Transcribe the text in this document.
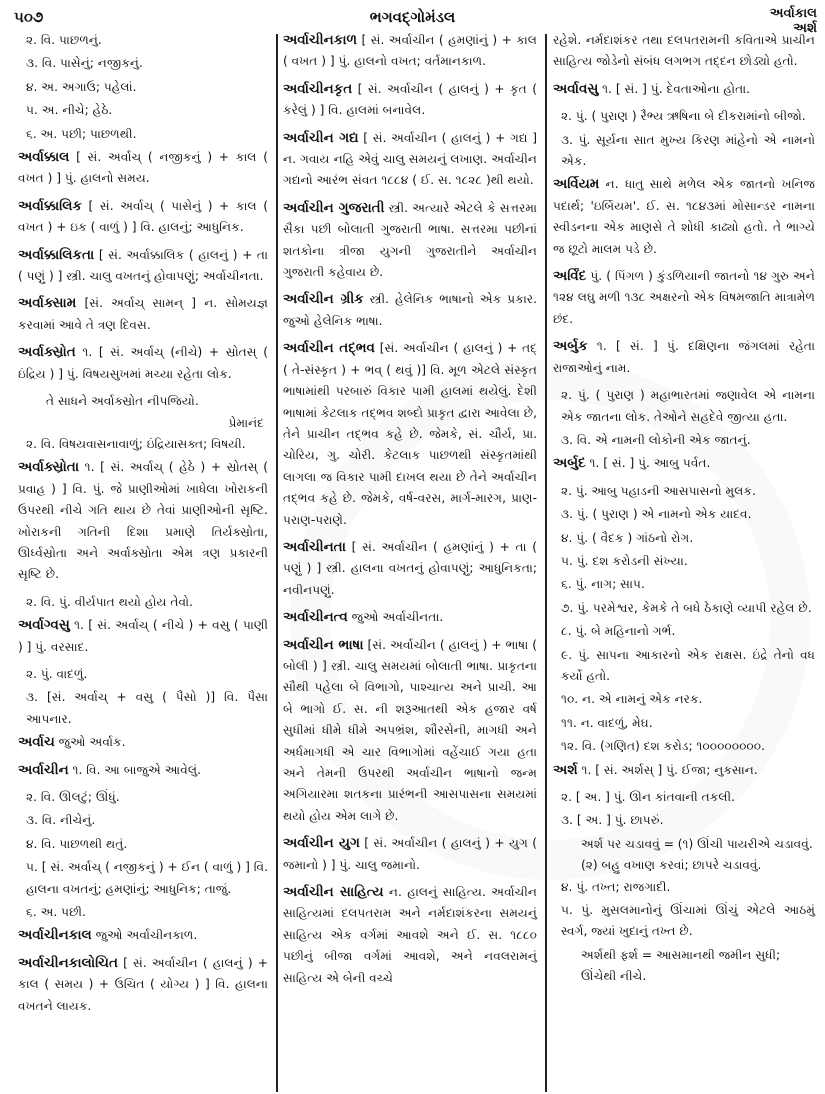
૫૦૭	ભગવદ્ગોમંડલ	અર્વાકાલ
અર્શ
૨. વિ. પાછળનું.
૩. વિ. પાસેનું; નજીકનું.
૪. અ. અગાઉ; પહેલાં.
૫. અ. નીચે; હેઠે.
૬. અ. પછી; પાછળથી.
અર્વાક્કાલ [ સં. અર્વાચ્ ( નજીકનું ) + કાલ ( વખત ) ] પું. હાલનો સમય.
અર્વાક્કાલિક [ સં. અર્વાચ્ ( પાસેનું ) + કાલ ( વખત ) + ઇક ( વાળું ) ] વિ. હાલનું; આધુનિક.
અર્વાક્કાલિકતા [ સં. અર્વાક્કાલિક ( હાલનું ) + તા ( પણું ) ] સ્ત્રી. ચાલુ વખતનું હોવાપણું; અર્વાચીનતા.
અર્વાક્સામ [સં. અર્વાચ્ સામન્ ] ન. સોમયજ્ઞ કરવામાં આવે તે ત્રણ દિવસ.
અર્વાક્સ્રોત ૧. [ સં. અર્વાચ્ (નીચે) + સ્રોતસ્ ( ઇંદ્રિય ) ] પું. વિષયસુખમાં મચ્યા રહેતા લોક.
તે સાધને અર્વાક્સ્રોત નીપજિયો.
પ્રેમાનંદ
૨. વિ. વિષયવાસનાવાળું; ઇંદ્રિયાસક્ત; વિષયી.
અર્વાક્સ્રોતા ૧. [ સં. અર્વાચ્ ( હેઠે ) + સ્રોતસ્ ( પ્રવાહ ) ] વિ. પું. જે પ્રાણીઓમાં ખાધેલા ખોરાકની ઉપરથી નીચે ગતિ થાય છે તેવાં પ્રાણીઓની સૃષ્ટિ. ખોરાકની ગતિની દિશા પ્રમાણે તિર્યક્સ્રોતા, ઊર્ધ્વસ્રોતા અને અર્વાક્સ્રોતા એમ ત્રણ પ્રકારની સૃષ્ટિ છે.
૨. વિ. પું. વીર્યપાત થયો હોય તેવો.
અર્વાગ્વસુ ૧. [ સં. અર્વાચ્ ( નીચે ) + વસુ ( પાણી ) ] પું. વરસાદ.
૨. પું. વાદળું.
૩. [સં. અર્વાચ્ + વસુ ( પૈસો )] વિ. પૈસા આપનાર.
અર્વાચ જુઓ અર્વાક.
અર્વાચીન ૧. વિ. આ બાજુએ આવેલું.
૨. વિ. ઊલટું; ઊંધું.
૩. વિ. નીચેનું.
૪. વિ. પાછળથી થતું.
૫. [ સં. અર્વાચ્ ( નજીકનું ) + ઈન ( વાળું ) ] વિ. હાલના વખતનું; હમણાંનું; આધુનિક; તાજું.
૬. અ. પછી.
અર્વાચીનકાલ જુઓ અર્વાચીનકાળ.
અર્વાચીનકાલોચિત [ સં. અર્વાચીન ( હાલનું ) + કાલ ( સમય ) + ઉચિત ( યોગ્ય ) ] વિ. હાલના વખતને લાયક.
અર્વાચીનકાળ [ સં. અર્વાચીન ( હમણાંનું ) + કાલ ( વખત ) ] પું. હાલનો વખત; વર્તમાનકાળ.
અર્વાચીનકૃત [ સં. અર્વાચીન ( હાલનું ) + કૃત ( કરેલું ) ] વિ. હાલમાં બનાવેલ.
અર્વાચીન ગદ્ય [ સં. અર્વાચીન ( હાલનું ) + ગદ્ય ] ન. ગવાય નહિ એવું ચાલુ સમયનું લખાણ. અર્વાચીન ગદ્યનો આરંભ સંવત ૧૮૮૪ ( ઈ. સ. ૧૮૨૮ )થી થયો.
અર્વાચીન ગુજરાતી સ્ત્રી. અત્યારે એટલે કે સત્તરમા સૈકા પછી બોલાતી ગુજરાતી ભાષા. સત્તરમા પછીનાં શતકોના ત્રીજા યુગની ગુજરાતીને અર્વાચીન ગુજરાતી કહેવાય છે.
અર્વાચીન ગ્રીક સ્ત્રી. હેલેનિક ભાષાનો એક પ્રકાર. જુઓ હેલેનિક ભાષા.
અર્વાચીન તદ્ભવ [સં. અર્વાચીન ( હાલનું ) + તદ્ ( તે-સંસ્કૃત ) + ભવ્ ( થવું )] વિ. મૂળ એટલે સંસ્કૃત ભાષામાંથી પરબારું વિકાર પામી હાલમાં થયેલું. દેશી ભાષામાં કેટલાક તદ્ભવ શબ્દો પ્રાકૃત દ્વારા આવેલા છે, તેને પ્રાચીન તદ્ભવ કહે છે. જેમકે, સં. ચૌર્ય, પ્રા. ચોરિય, ગુ. ચોરી. કેટલાક પાછળથી સંસ્કૃતમાંથી લાગલા જ વિકાર પામી દાખલ થયા છે તેને અર્વાચીન તદ્ભવ કહે છે. જેમકે, વર્ષ-વરસ, માર્ગ-મારગ, પ્રાણ-પરાણ-પરાણે.
અર્વાચીનતા [ સં. અર્વાચીન ( હમણાંનું ) + તા ( પણું ) ] સ્ત્રી. હાલના વખતનું હોવાપણું; આધુનિકતા; નવીનપણું.
અર્વાચીનત્વ જુઓ અર્વાચીનતા.
અર્વાચીન ભાષા [સં. અર્વાચીન ( હાલનું ) + ભાષા ( બોલી ) ] સ્ત્રી. ચાલુ સમયમાં બોલાતી ભાષા. પ્રાકૃતના સૌથી પહેલા બે વિભાગો, પાશ્ચાત્ય અને પ્રાચી. આ બે ભાગો ઈ. સ. ની શરૂઆતથી એક હજાર વર્ષ સુધીમાં ધીમે ધીમે અપભ્રંશ, શૌરસેની, માગધી અને અર્ધમાગધી એ ચાર વિભાગોમાં વહેંચાઈ ગયા હતા અને તેમની ઉપરથી અર્વાચીન ભાષાનો જન્મ અગિયારમા શતકના પ્રારંભની આસપાસના સમયમાં થયો હોય એમ લાગે છે.
અર્વાચીન યુગ [ સં. અર્વાચીન ( હાલનું ) + યુગ ( જમાનો ) ] પું. ચાલુ જમાનો.
અર્વાચીન સાહિત્ય ન. હાલનું સાહિત્ય. અર્વાચીન સાહિત્યમાં દલપતરામ અને નર્મદાશંકરના સમયનું સાહિત્ય એક વર્ગમાં આવશે અને ઈ. સ. ૧૮૮૦ પછીનું બીજા વર્ગમાં આવશે, અને નવલરામનું સાહિત્ય એ બેની વચ્ચે
રહેશે. નર્મદાશંકર તથા દલપતરામની કવિતાએ પ્રાચીન સાહિત્ય જોડેનો સંબંધ લગભગ તદ્દન છોડ્યો હતો.
અર્વાવસુ ૧. [ સં. ] પું. દેવતાઓના હોતા.
૨. પું. ( પુરાણ ) રૈભ્ય ઋષિના બે દીકરામાંનો બીજો.
૩. પું. સૂર્યના સાત મુખ્ય કિરણ માંહેનો એ નામનો એક.
અર્વિયમ ન. ધાતુ સાથે મળેલ એક જાતનો ખનિજ પદાર્થ; 'ઇર્બિયમ'. ઈ. સ. ૧૮૪૩માં મોસાન્ડર નામના સ્વીડનના એક માણસે તે શોધી કાઢ્યો હતો. તે ભાગ્યે જ છૂટો માલમ પડે છે.
અર્વિંદ પું. ( પિંગળ ) કુંડળિયાની જાતનો ૧૪ ગુરુ અને ૧૨૪ લઘુ મળી ૧૩૮ અક્ષરનો એક વિષમજાતિ માત્રામેળ છંદ.
અર્બુક ૧. [ સં. ] પું. દક્ષિણના જંગલમાં રહેતા રાજાઓનું નામ.
૨. પું. ( પુરાણ ) મહાભારતમાં જણાવેલ એ નામના એક જાતના લોક. તેઓને સહદેવે જીત્યા હતા.
૩. વિ. એ નામની લોકોની એક જાતનું.
અર્બુદ ૧. [ સં. ] પું. આબુ પર્વત.
૨. પું. આબુ પહાડની આસપાસનો મુલક.
૩. પું. ( પુરાણ ) એ નામનો એક યાદવ.
૪. પું. ( વૈદક ) ગાંઠનો રોગ.
૫. પું. દશ કરોડની સંખ્યા.
૬. પું. નાગ; સાપ.
૭. પું. પરમેશ્વર, કેમકે તે બધે ઠેકાણે વ્યાપી રહેલ છે.
૮. પું. બે મહિનાનો ગર્ભ.
૯. પું. સાપના આકારનો એક રાક્ષસ. ઇંદ્રે તેનો વધ કર્યો હતો.
૧૦. ન. એ નામનું એક નરક.
૧૧. ન. વાદળું, મેઘ.
૧૨. વિ. (ગણિત) દશ કરોડ; ૧૦૦૦૦૦૦૦૦.
અર્શ ૧. [ સં. અર્શસ્ ] પું. ઈજા; નુકસાન.
૨. [ અ. ] પું. ઊન કાંતવાની તકલી.
૩. [ અ. ] પું. છાપરું.
અર્શ પર ચડાવવું = (૧) ઊંચી પાયરીએ ચડાવવું. (૨) બહુ વખાણ કરવાં; છાપરે ચડાવવું.
૪. પું. તખ્ત; રાજગાદી.
૫. પું. મુસલમાનોનું ઊંચામાં ઊંચું એટલે આઠમું સ્વર્ગ, જ્યાં ખુદાનું તખ્ત છે.
અર્શથી ફર્શ = આસમાનથી જમીન સુધી; ઊંચેથી નીચે.
